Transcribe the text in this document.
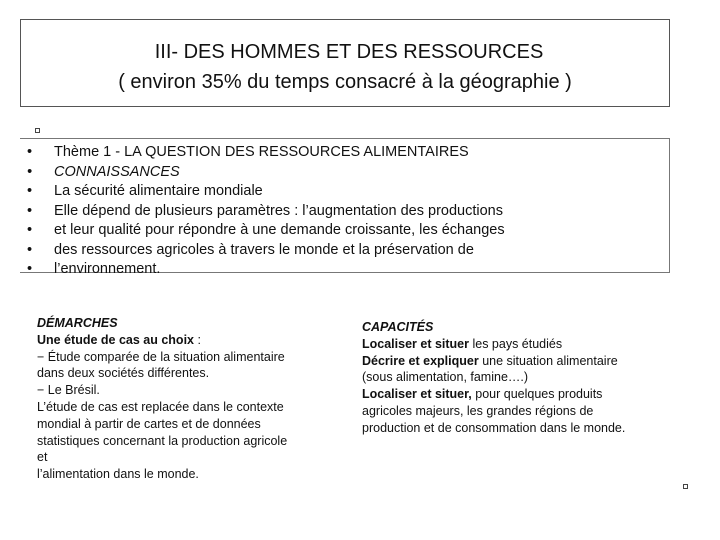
III- DES HOMMES ET DES RESSOURCES
( environ 35% du temps consacré à la géographie )
• Thème 1 - LA QUESTION DES RESSOURCES ALIMENTAIRES
• CONNAISSANCES
• La sécurité alimentaire mondiale
• Elle dépend de plusieurs paramètres : l’augmentation des productions
• et leur qualité pour répondre à une demande croissante, les échanges
• des ressources agricoles à travers le monde et la préservation de
• l’environnement.
DÉMARCHES
Une étude de cas au choix :
− Étude comparée de la situation alimentaire
dans deux sociétés différentes.
− Le Brésil.
L’étude de cas est replacée dans le contexte
mondial à partir de cartes et de données
statistiques concernant la production agricole
et
l’alimentation dans le monde.
CAPACITÉS
Localiser et situer les pays étudiés
Décrire et expliquer une situation alimentaire
(sous alimentation, famine….)
Localiser et situer, pour quelques produits
agricoles majeurs, les grandes régions de
production et de consommation dans le monde.
